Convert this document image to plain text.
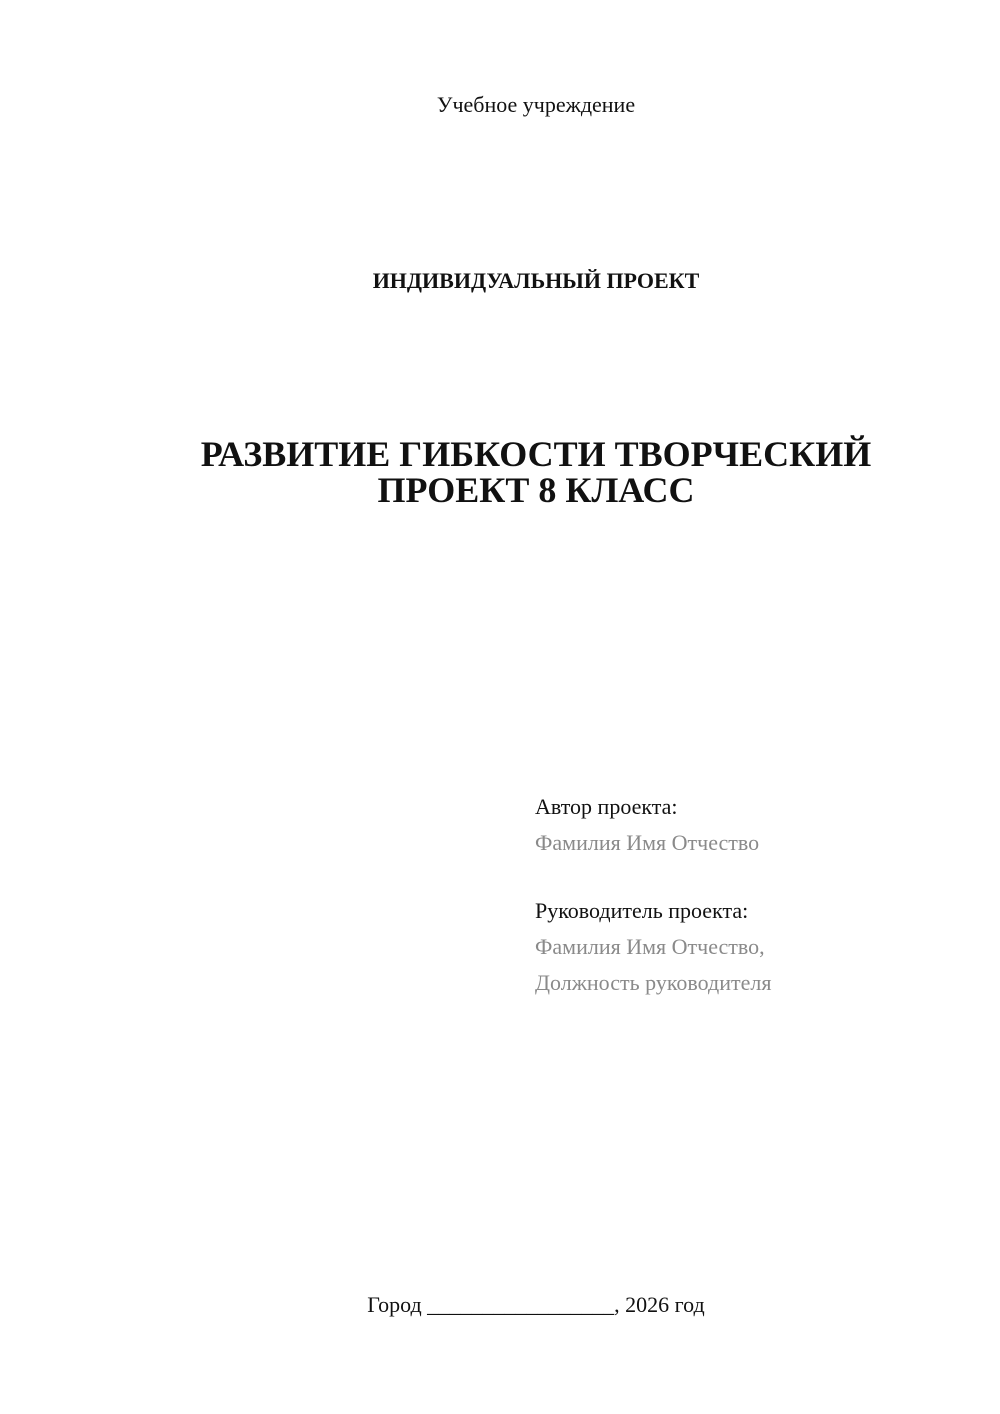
Учебное учреждение
ИНДИВИДУАЛЬНЫЙ ПРОЕКТ
РАЗВИТИЕ ГИБКОСТИ ТВОРЧЕСКИЙ
ПРОЕКТ 8 КЛАСС
Автор проекта:
Фамилия Имя Отчество
Руководитель проекта:
Фамилия Имя Отчество,
Должность руководителя
Город _________________, 2026 год
